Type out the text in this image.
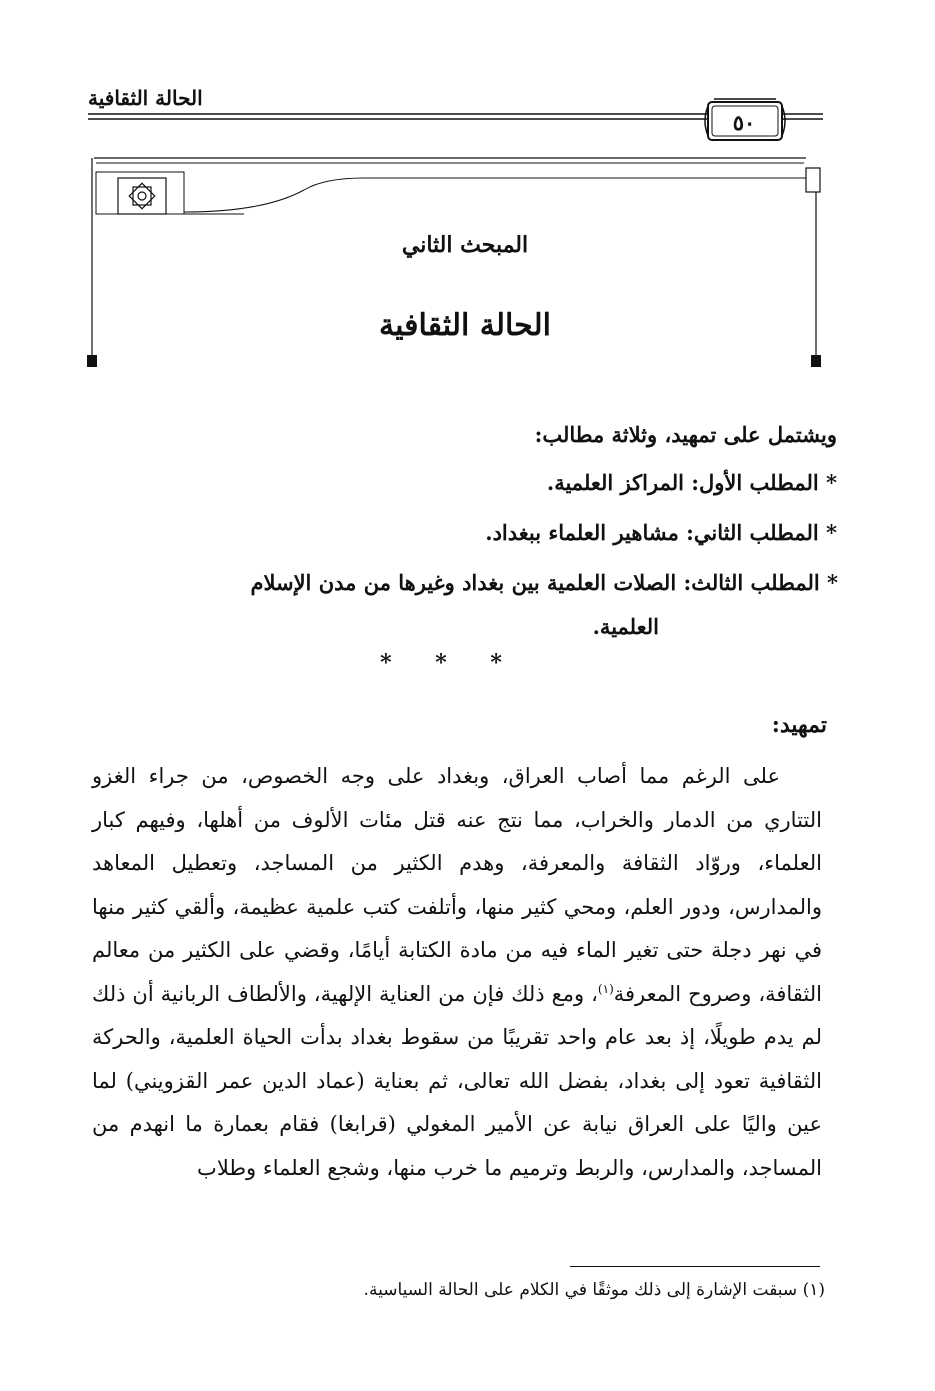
الحالة الثقافية
٥٠
المبحث الثاني
الحالة الثقافية
ويشتمل على تمهيد، وثلاثة مطالب:
* المطلب الأول: المراكز العلمية.
* المطلب الثاني: مشاهير العلماء ببغداد.
* المطلب الثالث: الصلات العلمية بين بغداد وغيرها من مدن الإسلام
العلمية.
* * *
تمهيد:

على الرغم مما أصاب العراق، وبغداد على وجه الخصوص، من جراء الغزو التتاري من الدمار والخراب، مما نتج عنه قتل مئات الألوف من أهلها، وفيهم كبار العلماء، وروّاد الثقافة والمعرفة، وهدم الكثير من المساجد، وتعطيل المعاهد والمدارس، ودور العلم، ومحي كثير منها، وأتلفت كتب علمية عظيمة، وألقي كثير منها في نهر دجلة حتى تغير الماء فيه من مادة الكتابة أيامًا، وقضي على الكثير من معالم الثقافة، وصروح المعرفة$^{(١)}$، ومع ذلك فإن من العناية الإلهية، والألطاف الربانية أن ذلك لم يدم طويلًا، إذ بعد عام واحد تقريبًا من سقوط بغداد بدأت الحياة العلمية، والحركة الثقافية تعود إلى بغداد، بفضل الله تعالى، ثم بعناية (عماد الدين عمر القزويني) لما عين واليًا على العراق نيابة عن الأمير المغولي (قرابغا) فقام بعمارة ما انهدم من المساجد، والمدارس، والربط وترميم ما خرب منها، وشجع العلماء وطلاب

(١) سبقت الإشارة إلى ذلك موثقًا في الكلام على الحالة السياسية.
